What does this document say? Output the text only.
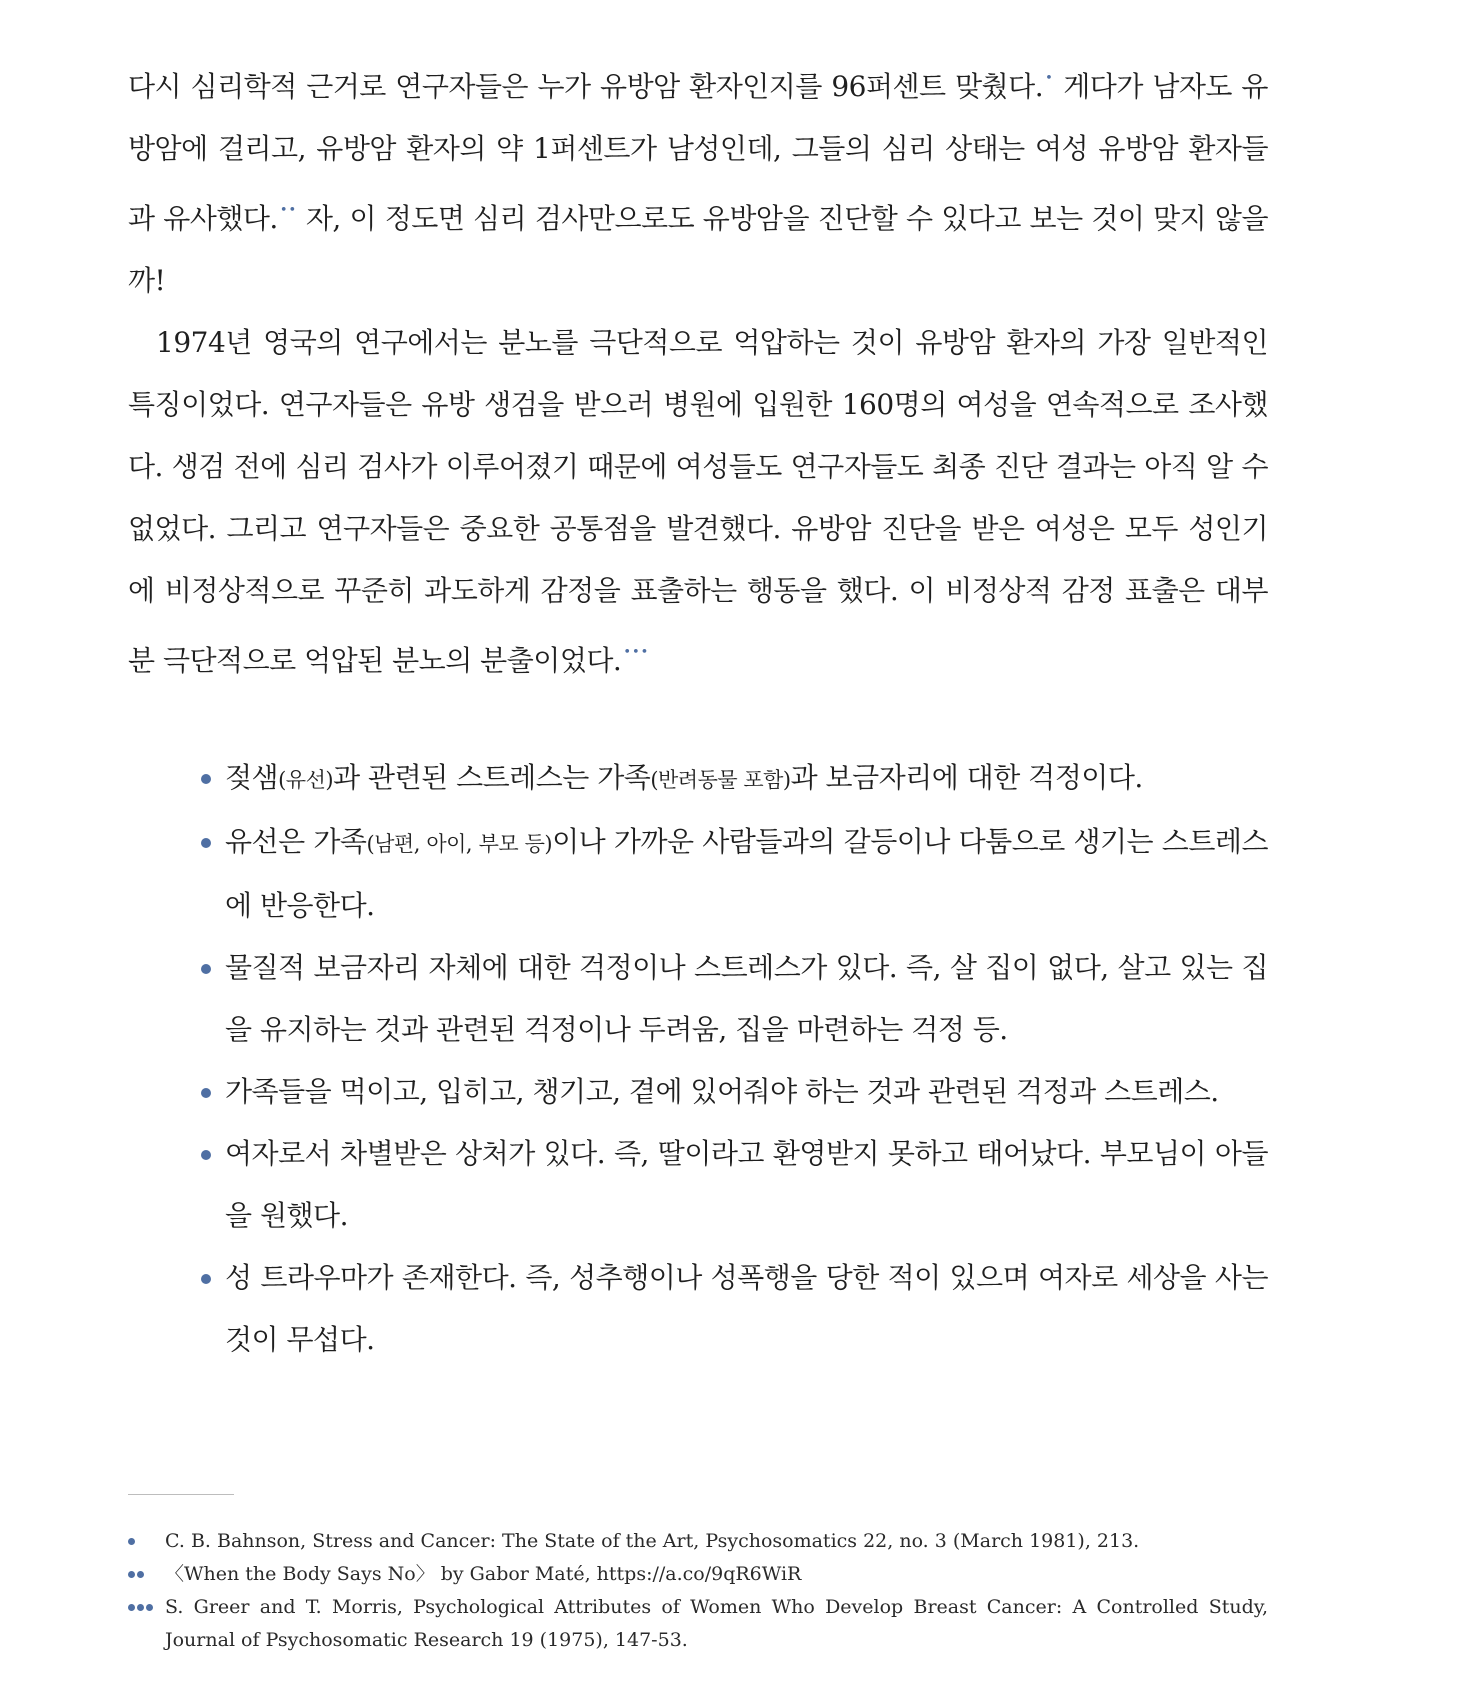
다시 심리학적 근거로 연구자들은 누가 유방암 환자인지를 96퍼센트 맞췄다. • 게다가 남자도 유방암에 걸리고, 유방암 환자의 약 1퍼센트가 남성인데, 그들의 심리 상태는 여성 유방암 환자들과 유사했다. •• 자, 이 정도면 심리 검사만으로도 유방암을 진단할 수 있다고 보는 것이 맞지 않을까!

1974년 영국의 연구에서는 분노를 극단적으로 억압하는 것이 유방암 환자의 가장 일반적인 특징이었다. 연구자들은 유방 생검을 받으러 병원에 입원한 160명의 여성을 연속적으로 조사했다. 생검 전에 심리 검사가 이루어졌기 때문에 여성들도 연구자들도 최종 진단 결과는 아직 알 수 없었다. 그리고 연구자들은 중요한 공통점을 발견했다. 유방암 진단을 받은 여성은 모두 성인기에 비정상적으로 꾸준히 과도하게 감정을 표출하는 행동을 했다. 이 비정상적 감정 표출은 대부분 극단적으로 억압된 분노의 분출이었다. •••

젖샘(유선)과 관련된 스트레스는 가족(반려동물 포함)과 보금자리에 대한 걱정이다.
유선은 가족(남편, 아이, 부모 등)이나 가까운 사람들과의 갈등이나 다툼으로 생기는 스트레스에 반응한다.
물질적 보금자리 자체에 대한 걱정이나 스트레스가 있다. 즉, 살 집이 없다, 살고 있는 집을 유지하는 것과 관련된 걱정이나 두려움, 집을 마련하는 걱정 등.
가족들을 먹이고, 입히고, 챙기고, 곁에 있어줘야 하는 것과 관련된 걱정과 스트레스.
여자로서 차별받은 상처가 있다. 즉, 딸이라고 환영받지 못하고 태어났다. 부모님이 아들을 원했다.
성 트라우마가 존재한다. 즉, 성추행이나 성폭행을 당한 적이 있으며 여자로 세상을 사는 것이 무섭다.
C. B. Bahnson, Stress and Cancer: The State of the Art, Psychosomatics 22, no. 3 (March 1981), 213.
〈When the Body Says No〉 by Gabor Maté, https://a.co/9qR6WiR
S. Greer and T. Morris, Psychological Attributes of Women Who Develop Breast Cancer: A Controlled Study, Journal of Psychosomatic Research 19 (1975), 147-53.
